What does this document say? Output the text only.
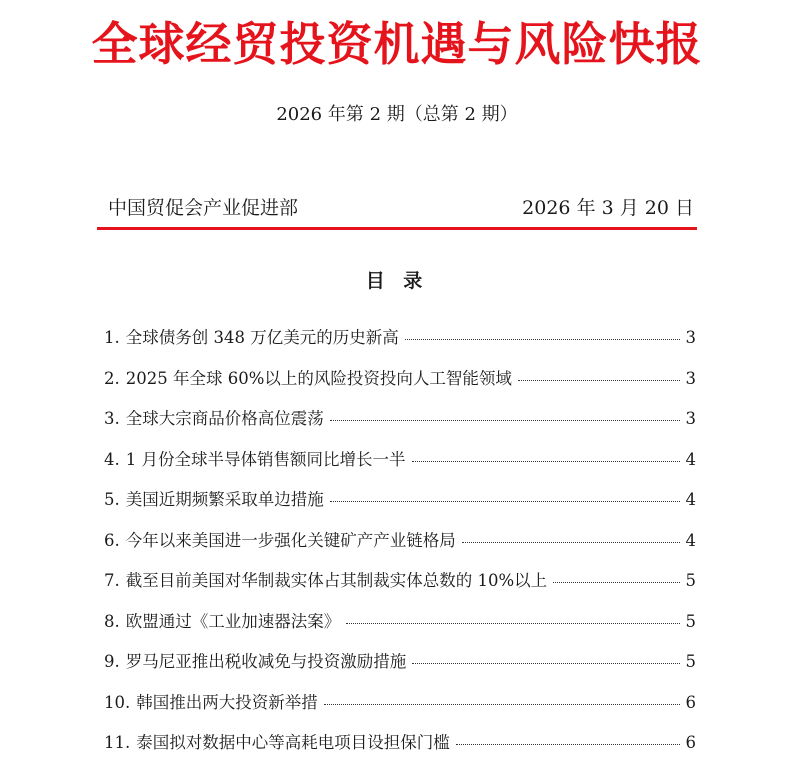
全球经贸投资机遇与风险快报
2026 年第 2 期（总第 2 期）
中国贸促会产业促进部	2026 年 3 月 20 日
目 录
1. 全球债务创 348 万亿美元的历史新高	3
2. 2025 年全球 60%以上的风险投资投向人工智能领域	3
3. 全球大宗商品价格高位震荡	3
4. 1 月份全球半导体销售额同比增长一半	4
5. 美国近期频繁采取单边措施	4
6. 今年以来美国进一步强化关键矿产产业链格局	4
7. 截至目前美国对华制裁实体占其制裁实体总数的 10%以上	5
8. 欧盟通过《工业加速器法案》	5
9. 罗马尼亚推出税收减免与投资激励措施	5
10. 韩国推出两大投资新举措	6
11. 泰国拟对数据中心等高耗电项目设担保门槛	6
